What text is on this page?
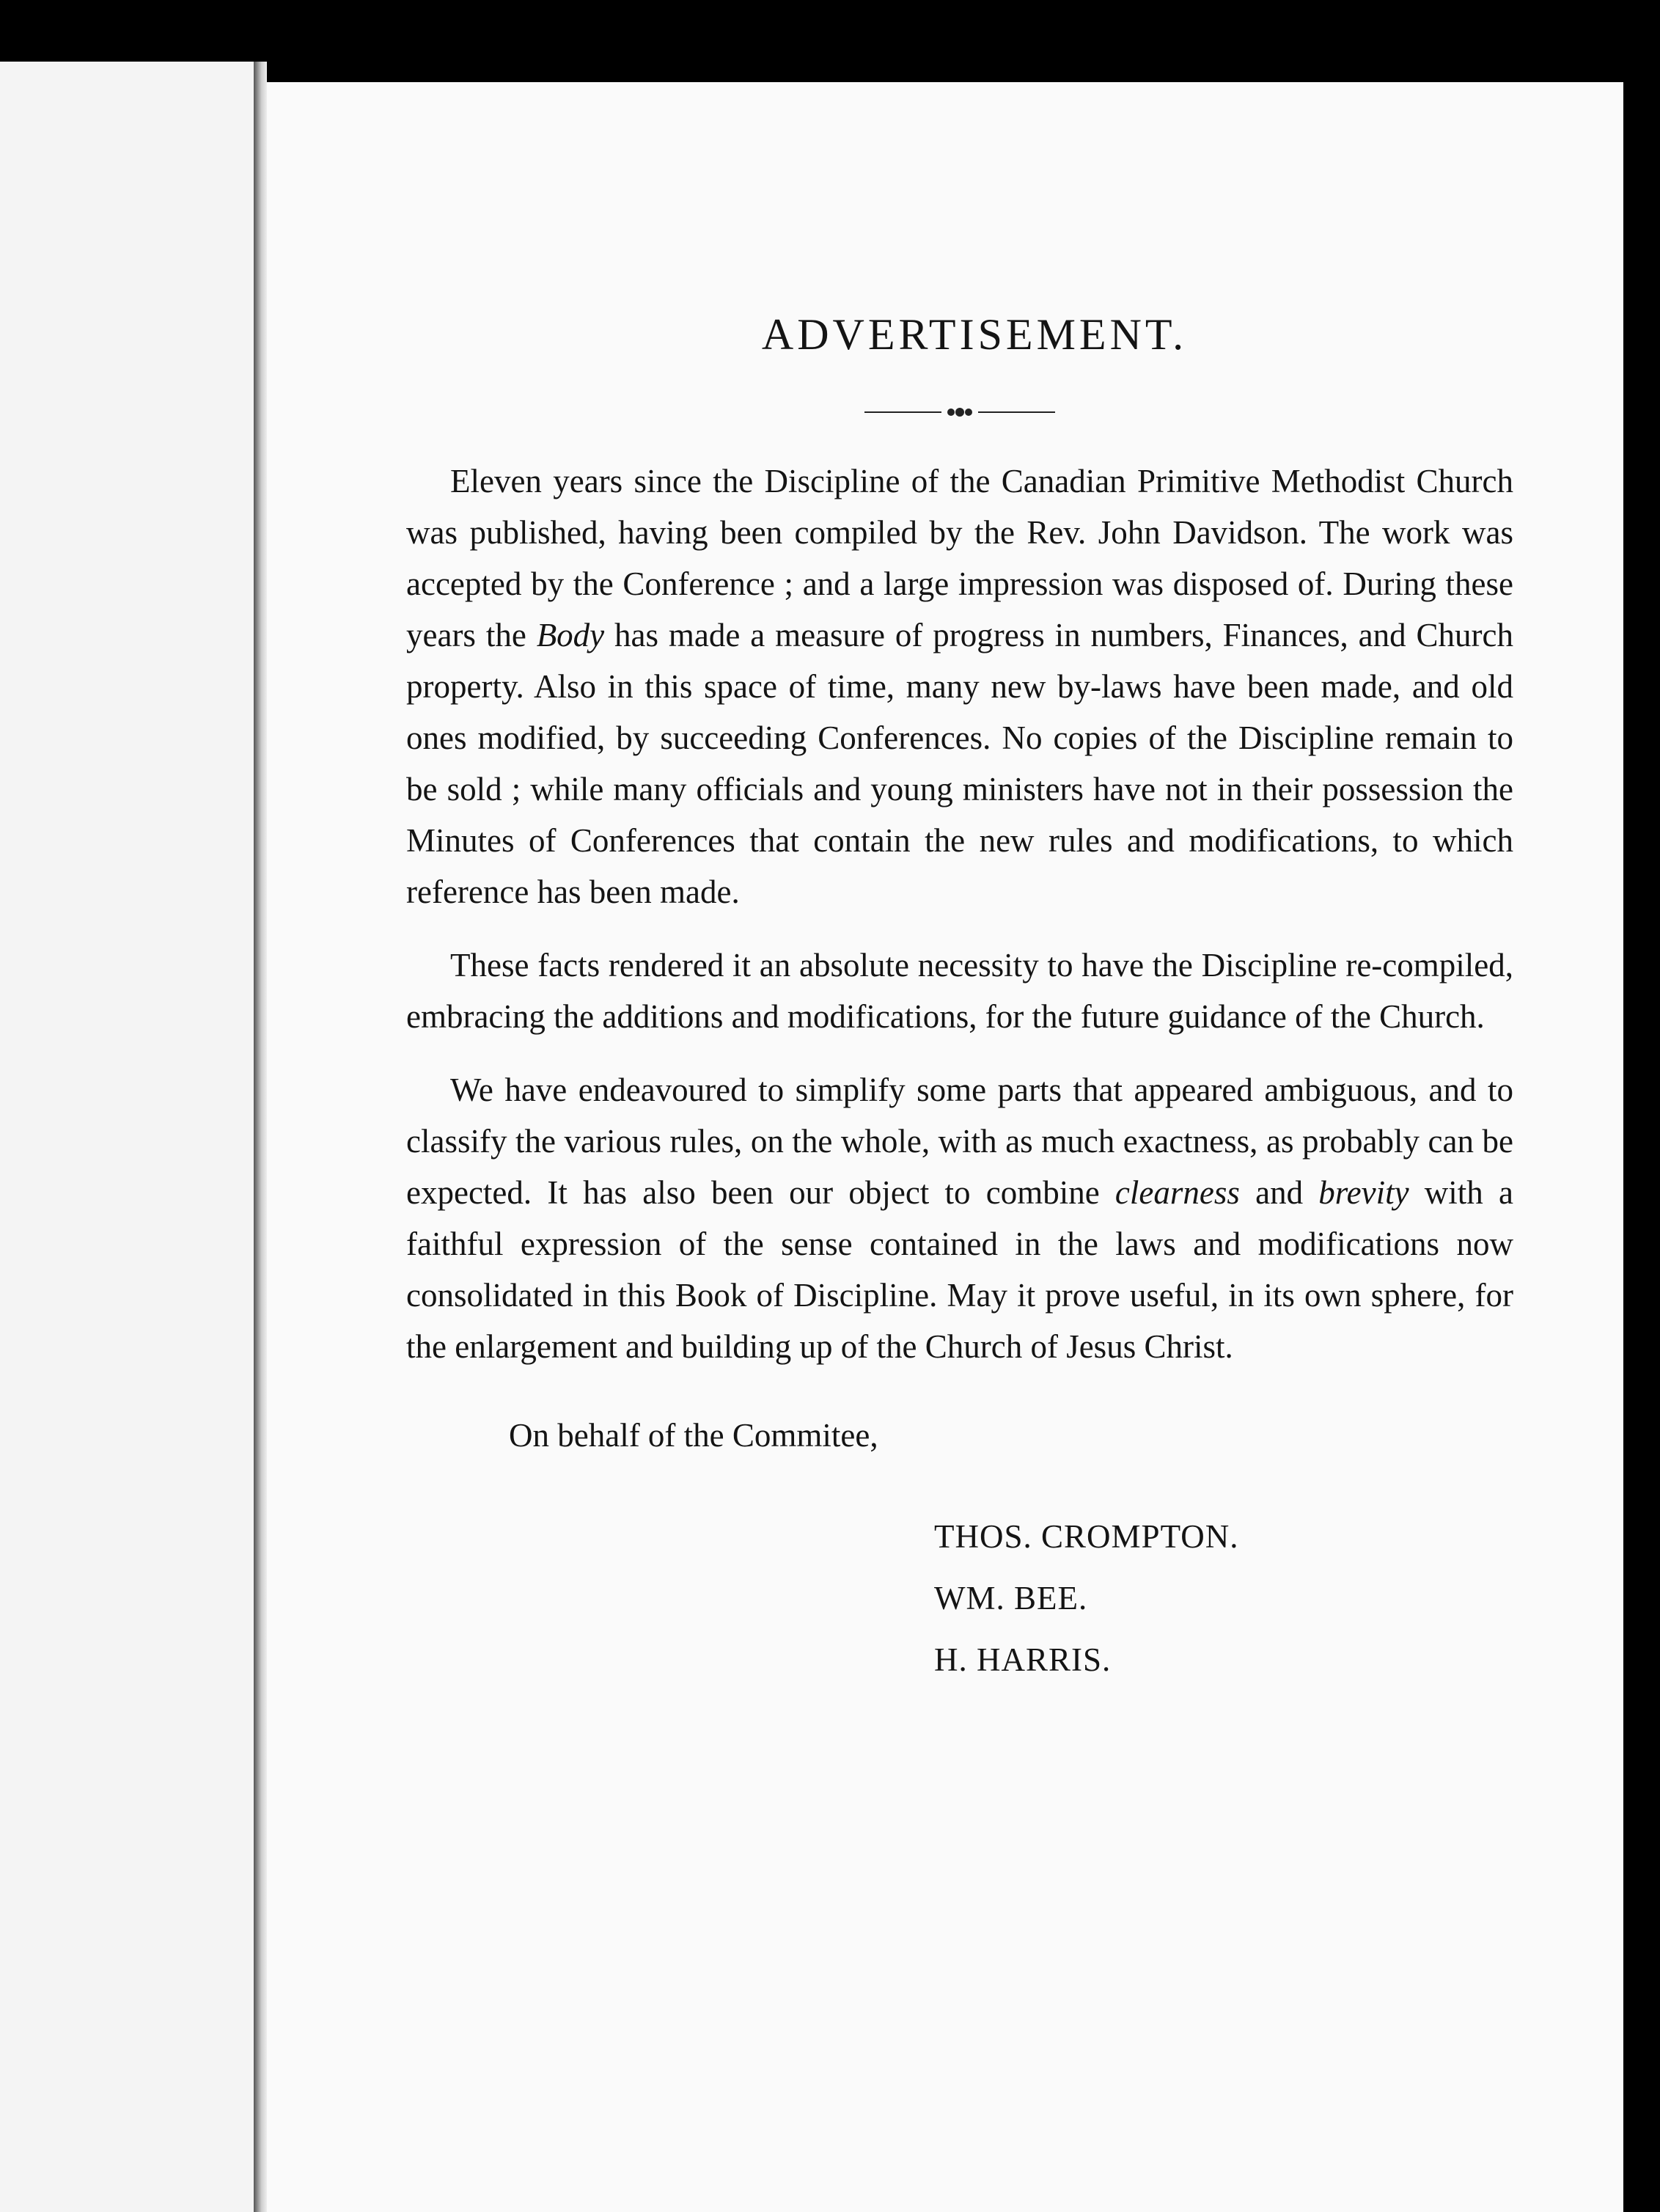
ADVERTISEMENT.

Eleven years since the Discipline of the Canadian Primitive Methodist Church was published, having been compiled by the Rev. John Davidson. The work was accepted by the Conference ; and a large impression was disposed of. During these years the Body has made a measure of progress in numbers, Finances, and Church property. Also in this space of time, many new by-laws have been made, and old ones modified, by succeeding Conferences. No copies of the Discipline remain to be sold ; while many officials and young ministers have not in their possession the Minutes of Conferences that contain the new rules and modifications, to which reference has been made.

These facts rendered it an absolute necessity to have the Discipline re-compiled, embracing the additions and modifications, for the future guidance of the Church.

We have endeavoured to simplify some parts that appeared ambiguous, and to classify the various rules, on the whole, with as much exactness, as probably can be expected. It has also been our object to combine clearness and brevity with a faithful expression of the sense contained in the laws and modifications now consolidated in this Book of Discipline. May it prove useful, in its own sphere, for the enlargement and building up of the Church of Jesus Christ.

On behalf of the Commitee,
THOS. CROMPTON.
WM. BEE.
H. HARRIS.
